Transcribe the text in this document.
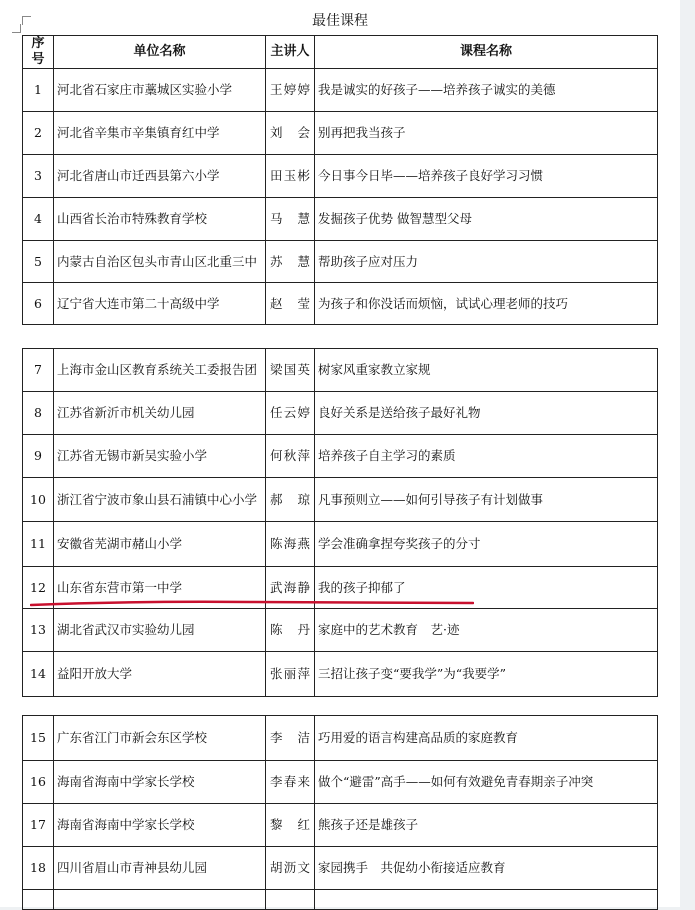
最佳课程
序号	单位名称	主讲人	课程名称
1	河北省石家庄市藁城区实验小学	王婷婷	我是诚实的好孩子——培养孩子诚实的美德
2	河北省辛集市辛集镇育红中学	刘　会	别再把我当孩子
3	河北省唐山市迁西县第六小学	田玉彬	今日事今日毕——培养孩子良好学习习惯
4	山西省长治市特殊教育学校	马　慧	发掘孩子优势 做智慧型父母
5	内蒙古自治区包头市青山区北重三中	苏　慧	帮助孩子应对压力
6	辽宁省大连市第二十高级中学	赵　莹	为孩子和你没话而烦恼，试试心理老师的技巧
7	上海市金山区教育系统关工委报告团	梁国英	树家风重家教立家规
8	江苏省新沂市机关幼儿园	任云婷	良好关系是送给孩子最好礼物
9	江苏省无锡市新吴实验小学	何秋萍	培养孩子自主学习的素质
10	浙江省宁波市象山县石浦镇中心小学	郝　琼	凡事预则立——如何引导孩子有计划做事
11	安徽省芜湖市赭山小学	陈海燕	学会准确拿捏夸奖孩子的分寸
12	山东省东营市第一中学	武海静	我的孩子抑郁了
13	湖北省武汉市实验幼儿园	陈　丹	家庭中的艺术教育　艺·迹
14	益阳开放大学	张丽萍	三招让孩子变“要我学”为“我要学”
15	广东省江门市新会东区学校	李　洁	巧用爱的语言构建高品质的家庭教育
16	海南省海南中学家长学校	李春来	做个“避雷”高手——如何有效避免青春期亲子冲突
17	海南省海南中学家长学校	黎　红	熊孩子还是雄孩子
18	四川省眉山市青神县幼儿园	胡沥文	家园携手　共促幼小衔接适应教育
